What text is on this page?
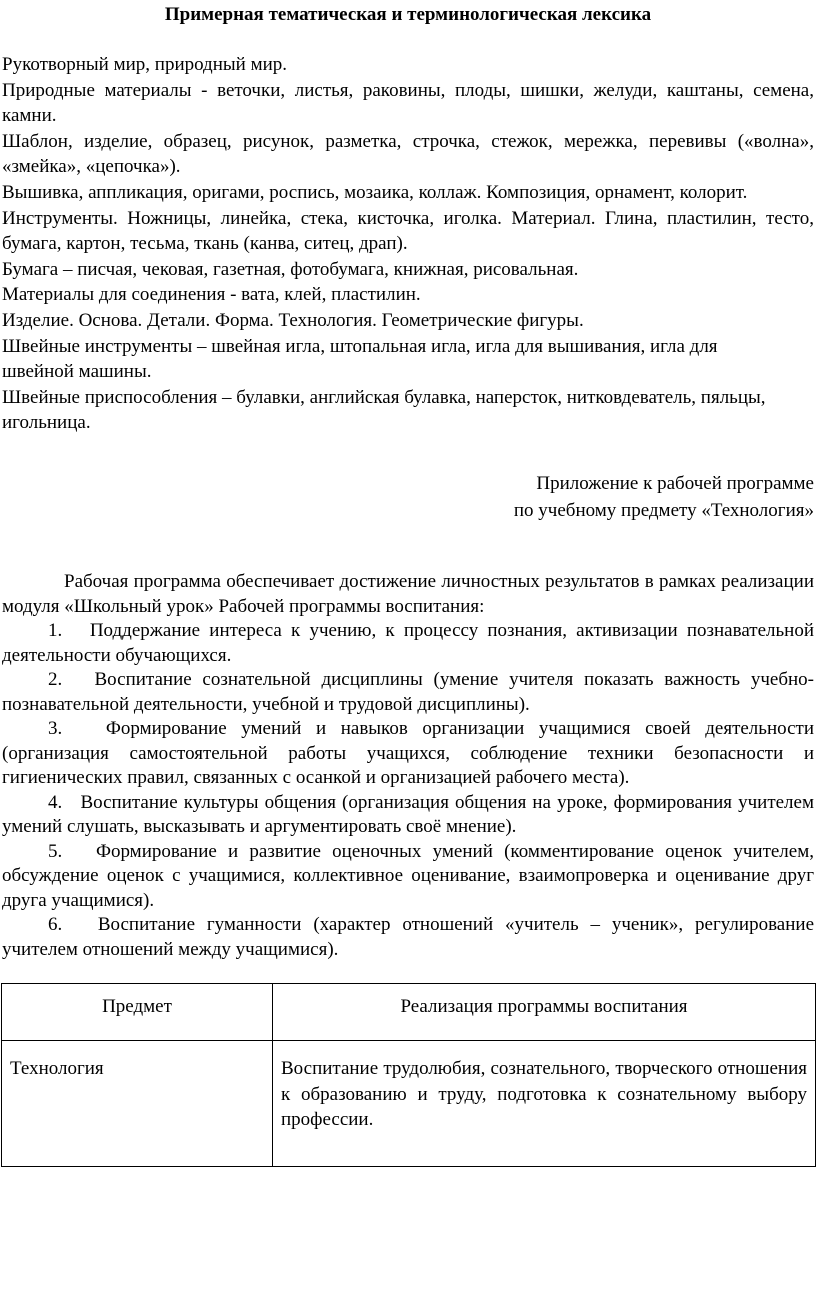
Примерная тематическая и терминологическая лексика

Рукотворный мир, природный мир.

Природные материалы - веточки, листья, раковины, плоды, шишки, желуди, каштаны, семена, камни.

Шаблон, изделие, образец, рисунок, разметка, строчка, стежок, мережка, перевивы («волна», «змейка», «цепочка»).

Вышивка, аппликация, оригами, роспись, мозаика, коллаж. Композиция, орнамент, колорит.

Инструменты. Ножницы, линейка, стека, кисточка, иголка. Материал. Глина, пластилин, тесто, бумага, картон, тесьма, ткань (канва, ситец, драп).

Бумага – писчая, чековая, газетная, фотобумага, книжная, рисовальная.

Материалы для соединения - вата, клей, пластилин.

Изделие. Основа. Детали. Форма. Технология. Геометрические фигуры.

Швейные инструменты – швейная игла, штопальная игла, игла для вышивания, игла для швейной машины.

Швейные приспособления – булавки, английская булавка, наперсток, нитковдеватель, пяльцы, игольница.

Приложение к рабочей программе

по учебному предмету «Технология»

Рабочая программа обеспечивает достижение личностных результатов в рамках реализации модуля «Школьный урок» Рабочей программы воспитания:

1.   Поддержание интереса к учению, к процессу познания, активизации познавательной деятельности обучающихся.

2.   Воспитание сознательной дисциплины (умение учителя показать важность учебно-познавательной деятельности, учебной и трудовой дисциплины).

3.   Формирование умений и навыков организации учащимися своей деятельности (организация самостоятельной работы учащихся, соблюдение техники безопасности и гигиенических правил, связанных с осанкой и организацией рабочего места).

4.   Воспитание культуры общения (организация общения на уроке, формирования учителем умений слушать, высказывать и аргументировать своё мнение).

5.   Формирование и развитие оценочных умений (комментирование оценок учителем, обсуждение оценок с учащимися, коллективное оценивание, взаимопроверка и оценивание друг друга учащимися).

6.   Воспитание гуманности (характер отношений «учитель – ученик», регулирование учителем отношений между учащимися).

Предмет	Реализация программы воспитания
Технология	Воспитание трудолюбия, сознательного, творческого отношения к образованию и труду, подготовка к сознательному выбору профессии.
